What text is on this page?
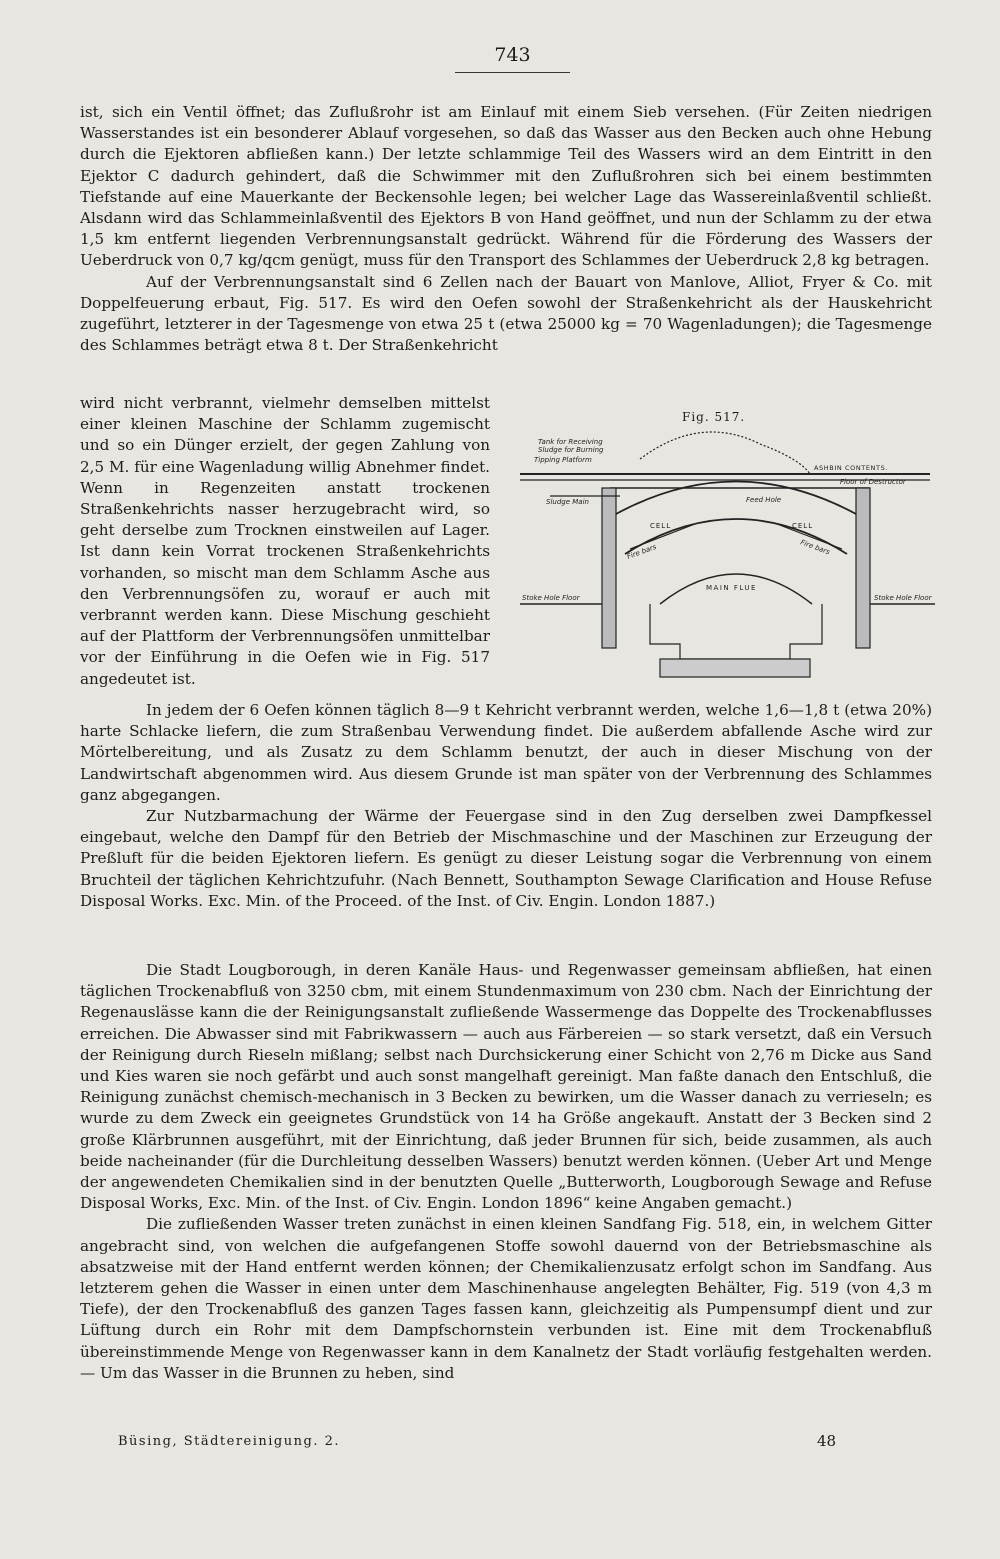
743

ist, sich ein Ventil öffnet; das Zuflußrohr ist am Einlauf mit einem Sieb versehen. (Für Zeiten niedrigen Wasserstandes ist ein besonderer Ablauf vorgesehen, so daß das Wasser aus den Becken auch ohne Hebung durch die Ejektoren abfließen kann.) Der letzte schlammige Teil des Wassers wird an dem Eintritt in den Ejektor C dadurch gehindert, daß die Schwimmer mit den Zuflußrohren sich bei einem bestimmten Tiefstande auf eine Mauerkante der Beckensohle legen; bei welcher Lage das Wassereinlaßventil schließt. Alsdann wird das Schlammeinlaßventil des Ejektors B von Hand geöffnet, und nun der Schlamm zu der etwa 1,5 km entfernt liegenden Verbrennungsanstalt gedrückt. Während für die Förderung des Wassers der Ueberdruck von 0,7 kg/qcm genügt, muss für den Transport des Schlammes der Ueberdruck 2,8 kg betragen.

Auf der Verbrennungsanstalt sind 6 Zellen nach der Bauart von Manlove, Alliot, Fryer & Co. mit Doppelfeuerung erbaut, Fig. 517. Es wird den Oefen sowohl der Straßenkehricht als der Hauskehricht zugeführt, letzterer in der Tagesmenge von etwa 25 t (etwa 25000 kg = 70 Wagenladungen); die Tagesmenge des Schlammes beträgt etwa 8 t. Der Straßenkehricht

wird nicht verbrannt, vielmehr demselben mittelst einer kleinen Maschine der Schlamm zugemischt und so ein Dünger erzielt, der gegen Zahlung von 2,5 M. für eine Wagenladung willig Abnehmer findet. Wenn in Regenzeiten anstatt trockenen Straßenkehrichts nasser herzugebracht wird, so geht derselbe zum Trocknen einstweilen auf Lager. Ist dann kein Vorrat trockenen Straßenkehrichts vorhanden, so mischt man dem Schlamm Asche aus den Verbrennungsöfen zu, worauf er auch mit verbrannt werden kann. Diese Mischung geschieht auf der Plattform der Verbrennungsöfen unmittelbar vor der Einführung in die Oefen wie in Fig. 517 angedeutet ist.

Fig. 517.
Tank for Receiving
Sludge for Burning
Tipping Platform
ASHBIN CONTENTS.
Floor of Destructor
Sludge Main	Feed Hole
CELL	CELL
Fire bars	Fire bars
MAIN FLUE
Stoke Hole Floor	Stoke Hole Floor

In jedem der 6 Oefen können täglich 8—9 t Kehricht verbrannt werden, welche 1,6—1,8 t (etwa 20%) harte Schlacke liefern, die zum Straßenbau Verwendung findet. Die außerdem abfallende Asche wird zur Mörtelbereitung, und als Zusatz zu dem Schlamm benutzt, der auch in dieser Mischung von der Landwirtschaft abgenommen wird. Aus diesem Grunde ist man später von der Verbrennung des Schlammes ganz abgegangen.

Zur Nutzbarmachung der Wärme der Feuergase sind in den Zug derselben zwei Dampfkessel eingebaut, welche den Dampf für den Betrieb der Mischmaschine und der Maschinen zur Erzeugung der Preßluft für die beiden Ejektoren liefern. Es genügt zu dieser Leistung sogar die Verbrennung von einem Bruchteil der täglichen Kehrichtzufuhr. (Nach Bennett, Southampton Sewage Clarification and House Refuse Disposal Works. Exc. Min. of the Proceed. of the Inst. of Civ. Engin. London 1887.)

Die Stadt Lougborough, in deren Kanäle Haus- und Regenwasser gemeinsam abfließen, hat einen täglichen Trockenabfluß von 3250 cbm, mit einem Stundenmaximum von 230 cbm. Nach der Einrichtung der Regenauslässe kann die der Reinigungsanstalt zufließende Wassermenge das Doppelte des Trockenabflusses erreichen. Die Abwasser sind mit Fabrikwassern — auch aus Färbereien — so stark versetzt, daß ein Versuch der Reinigung durch Rieseln mißlang; selbst nach Durchsickerung einer Schicht von 2,76 m Dicke aus Sand und Kies waren sie noch gefärbt und auch sonst mangelhaft gereinigt. Man faßte danach den Entschluß, die Reinigung zunächst chemisch-mechanisch in 3 Becken zu bewirken, um die Wasser danach zu verrieseln; es wurde zu dem Zweck ein geeignetes Grundstück von 14 ha Größe angekauft. Anstatt der 3 Becken sind 2 große Klärbrunnen ausgeführt, mit der Einrichtung, daß jeder Brunnen für sich, beide zusammen, als auch beide nacheinander (für die Durchleitung desselben Wassers) benutzt werden können. (Ueber Art und Menge der angewendeten Chemikalien sind in der benutzten Quelle „Butterworth, Lougborough Sewage and Refuse Disposal Works, Exc. Min. of the Inst. of Civ. Engin. London 1896“ keine Angaben gemacht.)

Die zufließenden Wasser treten zunächst in einen kleinen Sandfang Fig. 518, ein, in welchem Gitter angebracht sind, von welchen die aufgefangenen Stoffe sowohl dauernd von der Betriebsmaschine als absatzweise mit der Hand entfernt werden können; der Chemikalienzusatz erfolgt schon im Sandfang. Aus letzterem gehen die Wasser in einen unter dem Maschinenhause angelegten Behälter, Fig. 519 (von 4,3 m Tiefe), der den Trockenabfluß des ganzen Tages fassen kann, gleichzeitig als Pumpensumpf dient und zur Lüftung durch ein Rohr mit dem Dampfschornstein verbunden ist. Eine mit dem Trockenabfluß übereinstimmende Menge von Regenwasser kann in dem Kanalnetz der Stadt vorläufig festgehalten werden. — Um das Wasser in die Brunnen zu heben, sind

Büsing, Städtereinigung. 2.	48
